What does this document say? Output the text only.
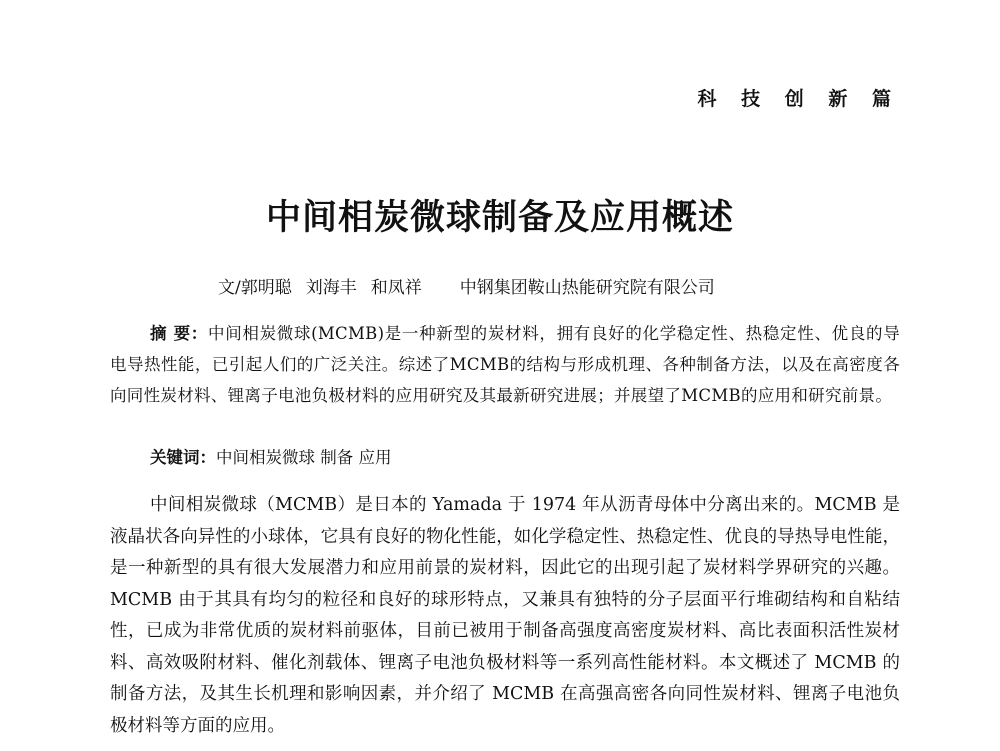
科 技 创 新 篇
中间相炭微球制备及应用概述
文/郭明聪 刘海丰 和凤祥 中钢集团鞍山热能研究院有限公司

摘 要：中间相炭微球(MCMB)是一种新型的炭材料，拥有良好的化学稳定性、热稳定性、优良的导电导热性能，已引起人们的广泛关注。综述了MCMB的结构与形成机理、各种制备方法，以及在高密度各向同性炭材料、锂离子电池负极材料的应用研究及其最新研究进展；并展望了MCMB的应用和研究前景。

关键词：中间相炭微球 制备 应用

中间相炭微球（MCMB）是日本的 Yamada 于 1974 年从沥青母体中分离出来的。MCMB 是液晶状各向异性的小球体，它具有良好的物化性能，如化学稳定性、热稳定性、优良的导热导电性能，是一种新型的具有很大发展潜力和应用前景的炭材料，因此它的出现引起了炭材料学界研究的兴趣。MCMB 由于其具有均匀的粒径和良好的球形特点，又兼具有独特的分子层面平行堆砌结构和自粘结性，已成为非常优质的炭材料前驱体，目前已被用于制备高强度高密度炭材料、高比表面积活性炭材料、高效吸附材料、催化剂载体、锂离子电池负极材料等一系列高性能材料。本文概述了 MCMB 的制备方法，及其生长机理和影响因素，并介绍了 MCMB 在高强高密各向同性炭材料、锂离子电池负极材料等方面的应用。
